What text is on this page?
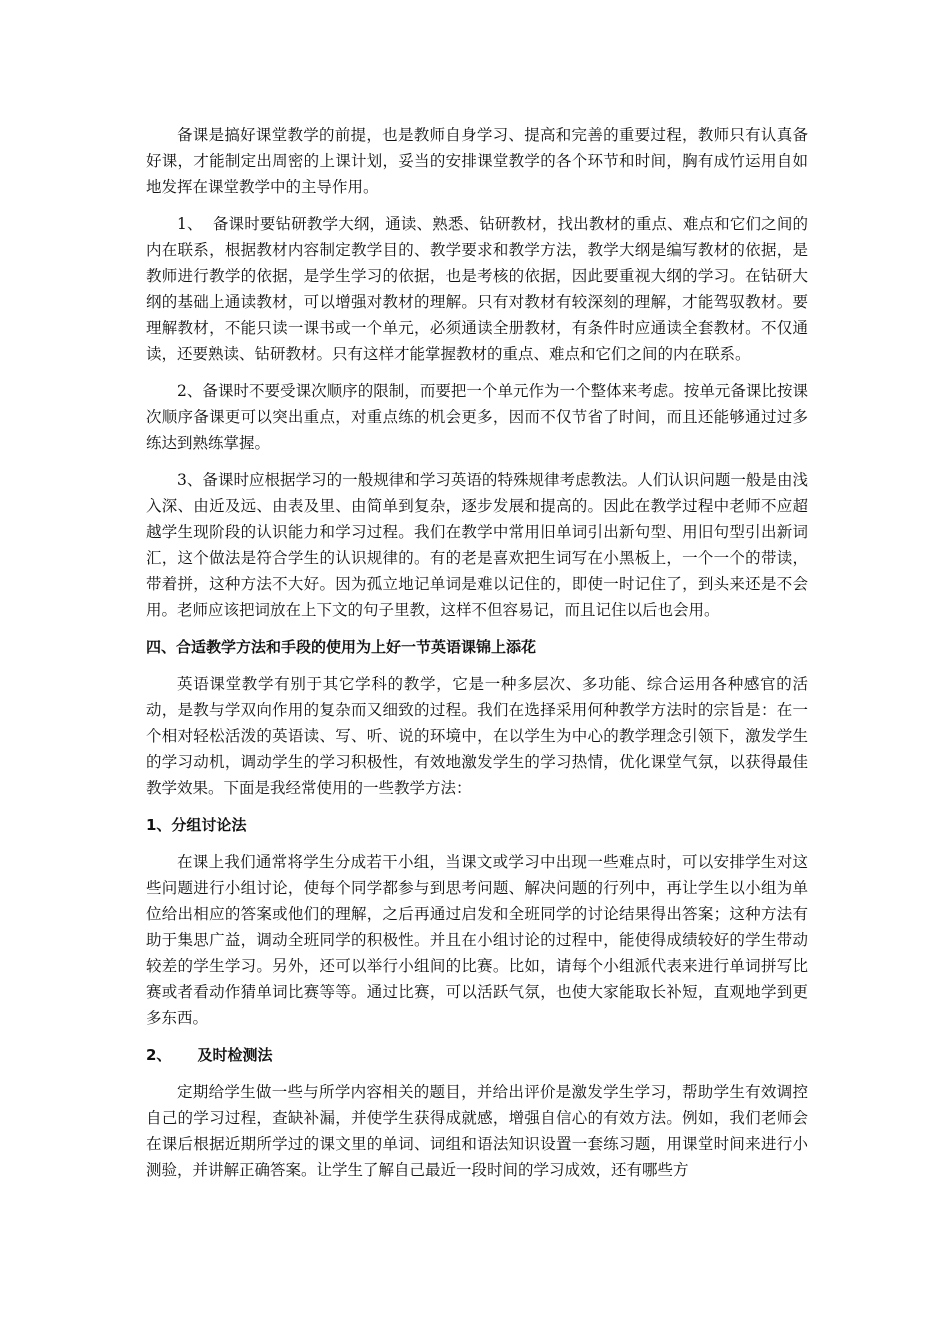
备课是搞好课堂教学的前提，也是教师自身学习、提高和完善的重要过程，教师只有认真备好课，才能制定出周密的上课计划，妥当的安排课堂教学的各个环节和时间，胸有成竹运用自如地发挥在课堂教学中的主导作用。

1、  备课时要钻研教学大纲，通读、熟悉、钻研教材，找出教材的重点、难点和它们之间的内在联系，根据教材内容制定教学目的、教学要求和教学方法，教学大纲是编写教材的依据，是教师进行教学的依据，是学生学习的依据，也是考核的依据，因此要重视大纲的学习。在钻研大纲的基础上通读教材，可以增强对教材的理解。只有对教材有较深刻的理解，才能驾驭教材。要理解教材，不能只读一课书或一个单元，必须通读全册教材，有条件时应通读全套教材。不仅通读，还要熟读、钻研教材。只有这样才能掌握教材的重点、难点和它们之间的内在联系。

2、备课时不要受课次顺序的限制，而要把一个单元作为一个整体来考虑。按单元备课比按课次顺序备课更可以突出重点，对重点练的机会更多，因而不仅节省了时间，而且还能够通过过多练达到熟练掌握。

3、备课时应根据学习的一般规律和学习英语的特殊规律考虑教法。人们认识问题一般是由浅入深、由近及远、由表及里、由简单到复杂，逐步发展和提高的。因此在教学过程中老师不应超越学生现阶段的认识能力和学习过程。我们在教学中常用旧单词引出新句型、用旧句型引出新词汇，这个做法是符合学生的认识规律的。有的老是喜欢把生词写在小黑板上，一个一个的带读，带着拼，这种方法不大好。因为孤立地记单词是难以记住的，即使一时记住了，到头来还是不会用。老师应该把词放在上下文的句子里教，这样不但容易记，而且记住以后也会用。

四、合适教学方法和手段的使用为上好一节英语课锦上添花

英语课堂教学有别于其它学科的教学，它是一种多层次、多功能、综合运用各种感官的活动，是教与学双向作用的复杂而又细致的过程。我们在选择采用何种教学方法时的宗旨是：在一个相对轻松活泼的英语读、写、听、说的环境中，在以学生为中心的教学理念引领下，激发学生的学习动机，调动学生的学习积极性，有效地激发学生的学习热情，优化课堂气氛，以获得最佳教学效果。下面是我经常使用的一些教学方法：

1、分组讨论法

在课上我们通常将学生分成若干小组，当课文或学习中出现一些难点时，可以安排学生对这些问题进行小组讨论，使每个同学都参与到思考问题、解决问题的行列中，再让学生以小组为单位给出相应的答案或他们的理解，之后再通过启发和全班同学的讨论结果得出答案；这种方法有助于集思广益，调动全班同学的积极性。并且在小组讨论的过程中，能使得成绩较好的学生带动较差的学生学习。另外，还可以举行小组间的比赛。比如，请每个小组派代表来进行单词拼写比赛或者看动作猜单词比赛等等。通过比赛，可以活跃气氛，也使大家能取长补短，直观地学到更多东西。

2、     及时检测法

定期给学生做一些与所学内容相关的题目，并给出评价是激发学生学习，帮助学生有效调控自己的学习过程，查缺补漏，并使学生获得成就感，增强自信心的有效方法。例如，我们老师会在课后根据近期所学过的课文里的单词、词组和语法知识设置一套练习题，用课堂时间来进行小测验，并讲解正确答案。让学生了解自己最近一段时间的学习成效，还有哪些方
